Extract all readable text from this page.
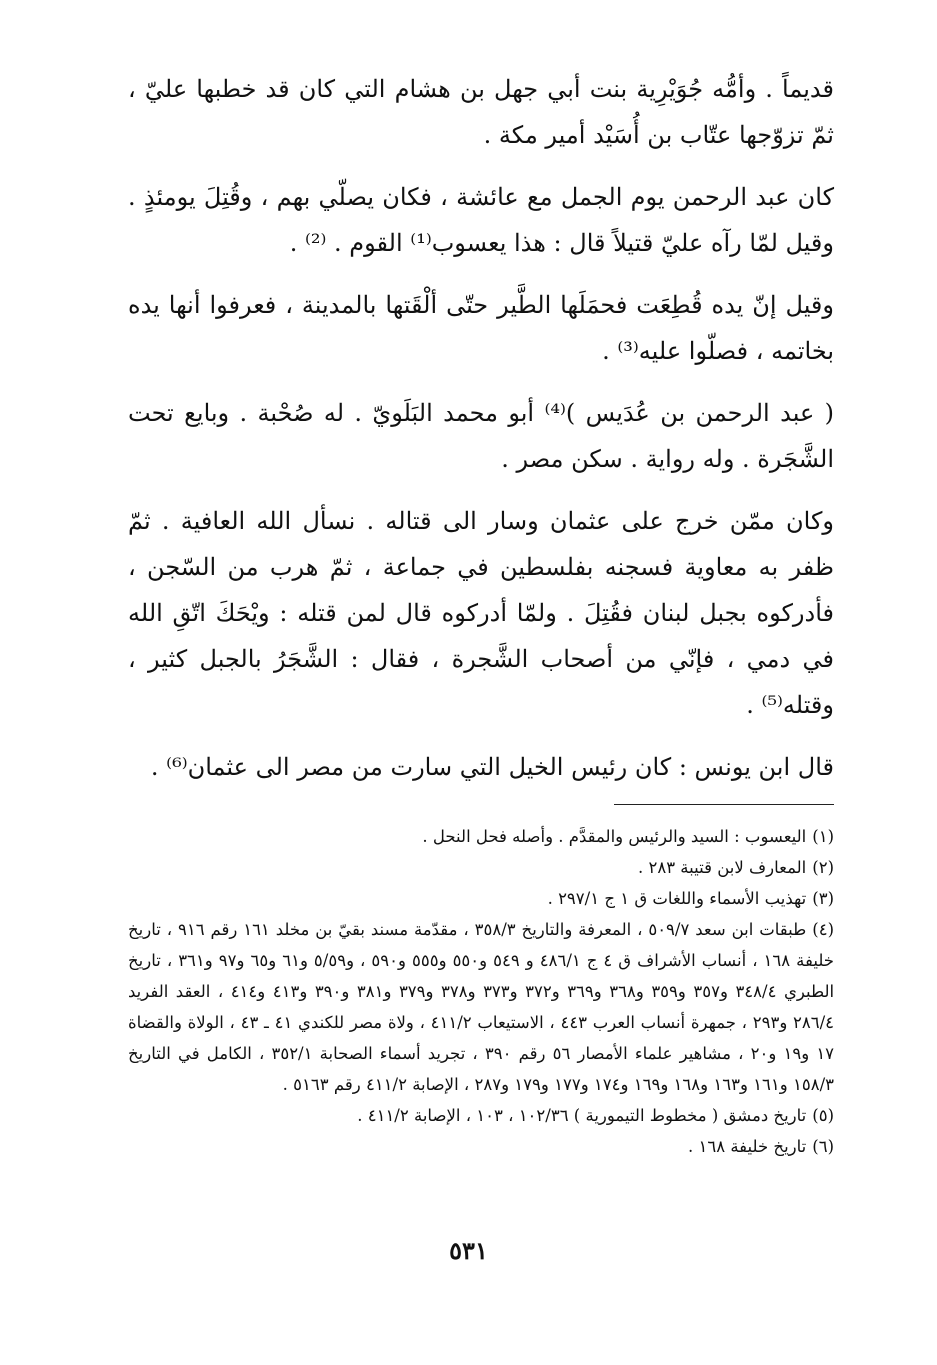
قديماً . وأمُّه جُوَيْرِية بنت أبي جهل بن هشام التي كان قد خطبها عليّ ، ثمّ تزوّجها عتّاب بن أُسَيْد أمير مكة .

كان عبد الرحمن يوم الجمل مع عائشة ، فكان يصلّي بهم ، وقُتِلَ يومئذٍ . وقيل لمّا رآه عليّ قتيلاً قال : هذا يعسوب⁽¹⁾ القوم . ⁽²⁾ .

وقيل إنّ يده قُطِعَت فحمَلَها الطَّير حتّى ألْقَتها بالمدينة ، فعرفوا أنها يده بخاتمه ، فصلّوا عليه⁽³⁾ .

( عبد الرحمن بن عُدَيس )⁽⁴⁾ أبو محمد البَلَويّ . له صُحْبة . وبايع تحت الشَّجَرة . وله رواية . سكن مصر .

وكان ممّن خرج على عثمان وسار الى قتاله . نسأل الله العافية . ثمّ ظفر به معاوية فسجنه بفلسطين في جماعة ، ثمّ هرب من السّجن ، فأدركوه بجبل لبنان فقُتِلَ . ولمّا أدركوه قال لمن قتله : ويْحَكَ اتّقِ الله في دمي ، فإنّي من أصحاب الشَّجرة ، فقال : الشَّجَرُ بالجبل كثير ، وقتله⁽⁵⁾ .

قال ابن يونس : كان رئيس الخيل التي سارت من مصر الى عثمان⁽⁶⁾ .

(١)اليعسوب : السيد والرئيس والمقدَّم . وأصله فحل النحل .
(٢)المعارف لابن قتيبة ٢٨٣ .
(٣)تهذيب الأسماء واللغات ق ١ ج ٢٩٧/١ .
(٤)طبقات ابن سعد ٥٠٩/٧ ، المعرفة والتاريخ ٣٥٨/٣ ، مقدّمة مسند بقيّ بن مخلد ١٦١ رقم ٩١٦ ، تاريخ خليفة ١٦٨ ، أنساب الأشراف ق ٤ ج ٤٨٦/١ و ٥٤٩ و٥٥٠ و٥٥٥ و٥٩٠ ، و٥/٥٩ و٦١ و٦٥ و٩٧ و٣٦١ ، تاريخ الطبري ٣٤٨/٤ و٣٥٧ و٣٥٩ و٣٦٨ و٣٦٩ و٣٧٢ و٣٧٣ و٣٧٨ و٣٧٩ و٣٨١ و٣٩٠ و٤١٣ و٤١٤ ، العقد الفريد ٢٨٦/٤ و٢٩٣ ، جمهرة أنساب العرب ٤٤٣ ، الاستيعاب ٤١١/٢ ، ولاة مصر للكندي ٤١ ـ ٤٣ ، الولاة والقضاة ١٧ و١٩ و٢٠ ، مشاهير علماء الأمصار ٥٦ رقم ٣٩٠ ، تجريد أسماء الصحابة ٣٥٢/١ ، الكامل في التاريخ ١٥٨/٣ و١٦١ و١٦٣ و١٦٨ و١٦٩ و١٧٤ و١٧٧ و١٧٩ و٢٨٧ ، الإصابة ٤١١/٢ رقم ٥١٦٣ .
(٥)تاريخ دمشق ( مخطوط التيمورية ) ١٠٢/٣٦ ، ١٠٣ ، الإصابة ٤١١/٢ .
(٦)تاريخ خليفة ١٦٨ .
٥٣١
